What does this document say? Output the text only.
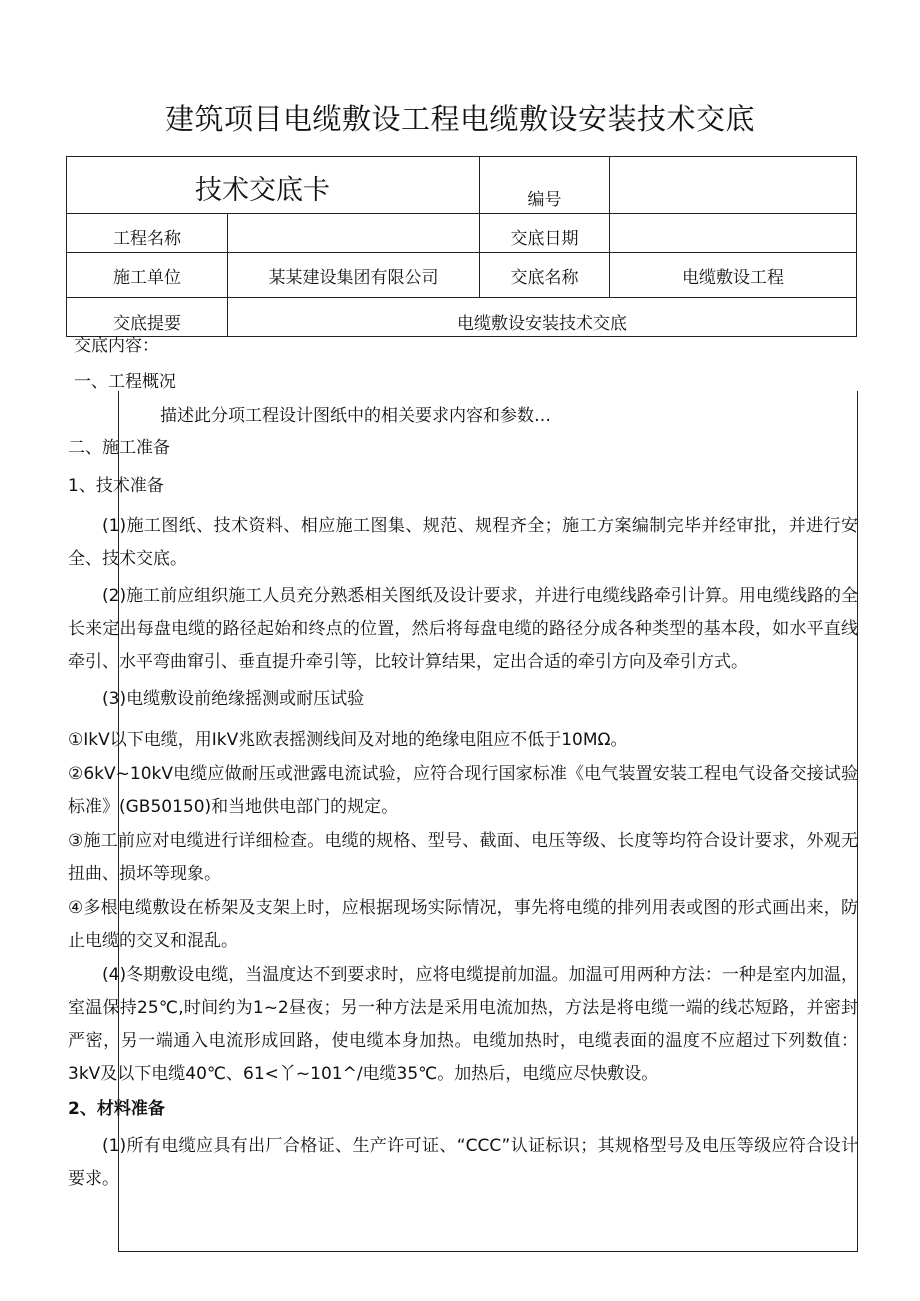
建筑项目电缆敷设工程电缆敷设安装技术交底
技术交底卡		编号	
工程名称		交底日期	
施工单位	某某建设集团有限公司	交底名称	电缆敷设工程
交底提要	电缆敷设安装技术交底		
交底内容：
一、工程概况
描述此分项工程设计图纸中的相关要求内容和参数…
二、施工准备
1、技术准备

(1)施工图纸、技术资料、相应施工图集、规范、规程齐全；施工方案编制完毕并经审批，并进行安全、技术交底。

(2)施工前应组织施工人员充分熟悉相关图纸及设计要求，并进行电缆线路牵引计算。用电缆线路的全长来定出每盘电缆的路径起始和终点的位置，然后将每盘电缆的路径分成各种类型的基本段，如水平直线牵引、水平弯曲窜引、垂直提升牵引等，比较计算结果，定出合适的牵引方向及牵引方式。

(3)电缆敷设前绝缘摇测或耐压试验

①IkV以下电缆，用IkV兆欧表摇测线间及对地的绝缘电阻应不低于10MΩ。

②6kV~10kV电缆应做耐压或泄露电流试验，应符合现行国家标准《电气装置安装工程电气设备交接试验标准》(GB50150)和当地供电部门的规定。

③施工前应对电缆进行详细检查。电缆的规格、型号、截面、电压等级、长度等均符合设计要求，外观无扭曲、损坏等现象。

④多根电缆敷设在桥架及支架上时，应根据现场实际情况，事先将电缆的排列用表或图的形式画出来，防止电缆的交叉和混乱。

(4)冬期敷设电缆，当温度达不到要求时，应将电缆提前加温。加温可用两种方法：一种是室内加温，室温保持25℃,时间约为1~2昼夜；另一种方法是采用电流加热，方法是将电缆一端的线芯短路，并密封严密，另一端通入电流形成回路，使电缆本身加热。电缆加热时，电缆表面的温度不应超过下列数值：3kV及以下电缆40℃、61<丫~101^/电缆35℃。加热后，电缆应尽快敷设。

2、材料准备

(1)所有电缆应具有出厂合格证、生产许可证、“CCC”认证标识；其规格型号及电压等级应符合设计要求。
